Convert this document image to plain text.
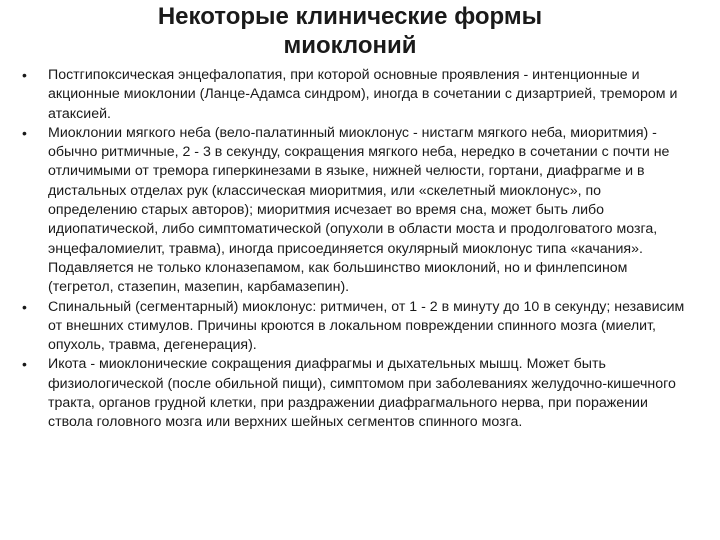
Некоторые клинические формы миоклоний
• Постгипоксическая энцефалопатия, при которой основные проявления - интенционные и акционные миоклонии (Ланце-Адамса синдром), иногда в сочетании с дизартрией, тремором и атаксией.
• Миоклонии мягкого неба (вело-палатинный миоклонус - нистагм мягкого неба, миоритмия) - обычно ритмичные, 2 - 3 в секунду, сокращения мягкого неба, нередко в сочетании с почти не отличимыми от тремора гиперкинезами в языке, нижней челюсти, гортани, диафрагме и в дистальных отделах рук (классическая миоритмия, или «скелетный миоклонус», по определению старых авторов); миоритмия исчезает во время сна, может быть либо идиопатической, либо симптоматической (опухоли в области моста и продолговатого мозга, энцефаломиелит, травма), иногда присоединяется окулярный миоклонус типа «качания». Подавляется не только клоназепамом, как большинство миоклоний, но и финлепсином (тегретол, стазепин, мазепин, карбамазепин).
• Спинальный (сегментарный) миоклонус: ритмичен, от 1 - 2 в минуту до 10 в секунду; независим от внешних стимулов. Причины кроются в локальном повреждении спинного мозга (миелит, опухоль, травма, дегенерация).
• Икота - миоклонические сокращения диафрагмы и дыхательных мышц. Может быть физиологической (после обильной пищи), симптомом при заболеваниях желудочно-кишечного тракта, органов грудной клетки, при раздражении диафрагмального нерва, при поражении ствола головного мозга или верхних шейных сегментов спинного мозга.
